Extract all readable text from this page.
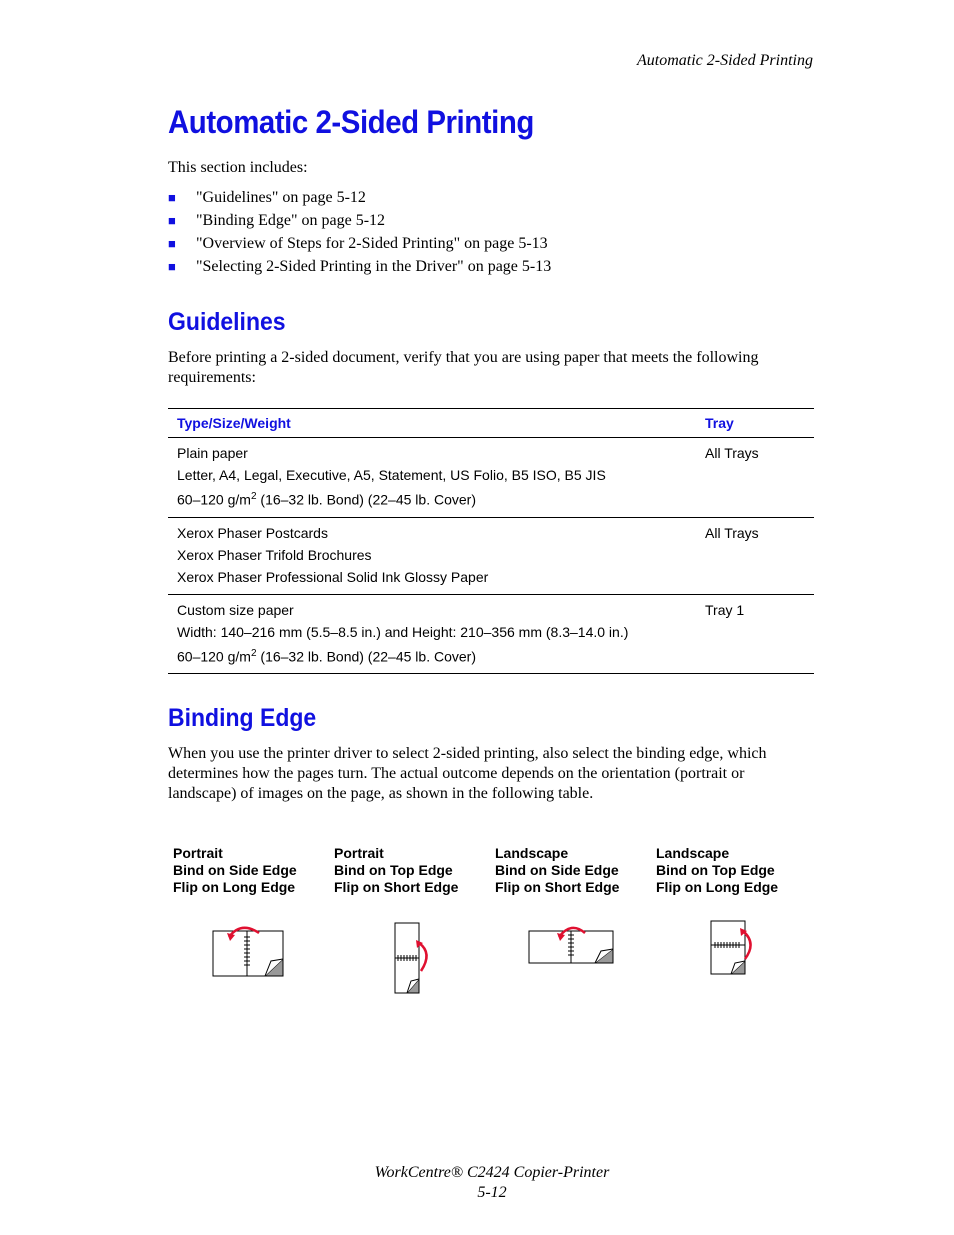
Automatic 2-Sided Printing
Automatic 2-Sided Printing

This section includes:

■	"Guidelines" on page 5-12
■	"Binding Edge" on page 5-12
■	"Overview of Steps for 2-Sided Printing" on page 5-13
■	"Selecting 2-Sided Printing in the Driver" on page 5-13
Guidelines

Before printing a 2-sided document, verify that you are using paper that meets the following requirements:

Type/Size/Weight	Tray

Plain paper
Letter, A4, Legal, Executive, A5, Statement, US Folio, B5 ISO, B5 JIS
60–120 $g/m^2$ (16–32 lb. Bond) (22–45 lb. Cover)	All Trays

Xerox Phaser Postcards
Xerox Phaser Trifold Brochures
Xerox Phaser Professional Solid Ink Glossy Paper	All Trays

Custom size paper
Width: 140–216 mm (5.5–8.5 in.) and Height: 210–356 mm (8.3–14.0 in.)
60–120 $g/m^2$ (16–32 lb. Bond) (22–45 lb. Cover)	Tray 1
Binding Edge

When you use the printer driver to select 2-sided printing, also select the binding edge, which determines how the pages turn. The actual outcome depends on the orientation (portrait or landscape) of images on the page, as shown in the following table.

Portrait
Bind on Side Edge
Flip on Long Edge
Portrait
Bind on Top Edge
Flip on Short Edge
Landscape
Bind on Side Edge
Flip on Short Edge
Landscape
Bind on Top Edge
Flip on Long Edge
WorkCentre® C2424 Copier-Printer
5-12
